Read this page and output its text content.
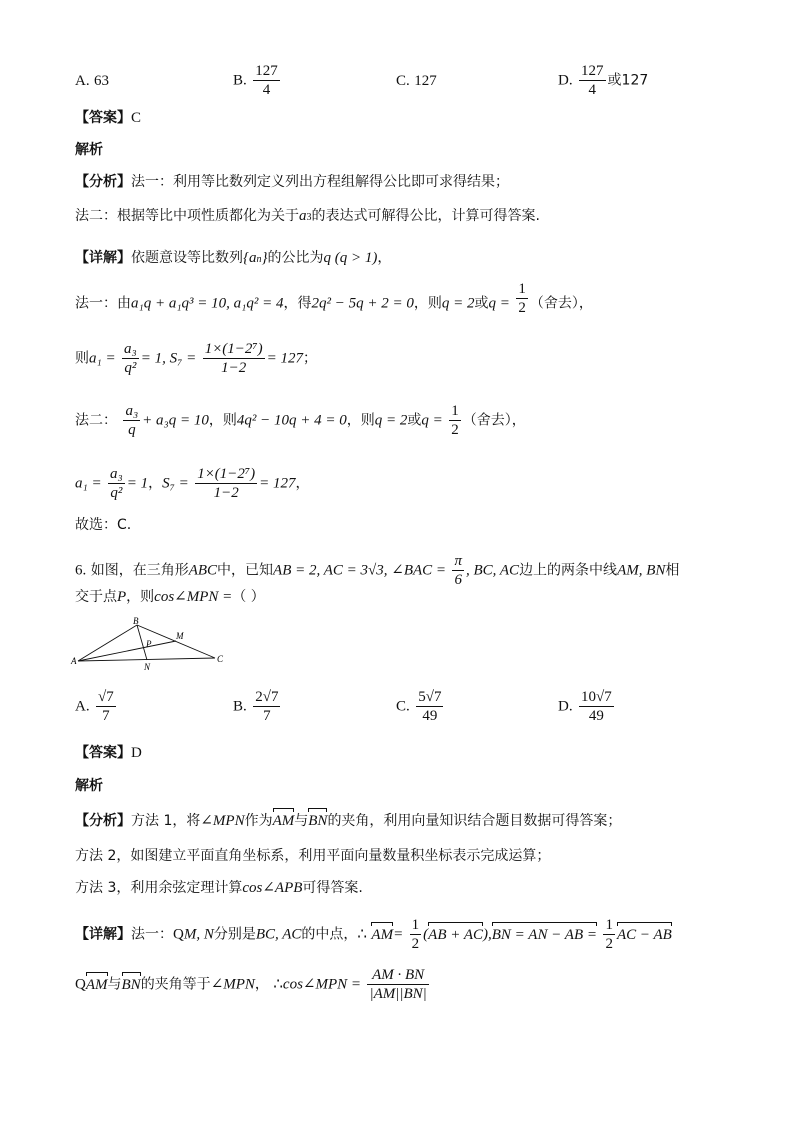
A. 63	B. $\frac{127}{4}$	C. 127	D. $\frac{127}{4}$ 或127
【答案】C
解析
【分析】法一：利用等比数列定义列出方程组解得公比即可求得结果；
法二：根据等比中项性质都化为关于a3的表达式可解得公比，计算可得答案.
【详解】依题意设等比数列{an}的公比为q (q > 1)，
法一：由a₁q + a₁q³ = 10, a₁q² = 4，得2q² − 5q + 2 = 0，则q = 2或$q = \frac{1}{2}$ （舍去），
则$a_1 = \frac{\text{a₃}}{\text{q²}} = 1$, $S_7 = \frac{\text{1×(1−2⁷)}}{1-2} = 127$；
法二： $\frac{\text{a₃}}{q} + a_3q = 10$，则4q² − 10q + 4 = 0，则q = 2或$q = \frac{1}{2}$ （舍去），
$a_1 = \frac{\text{a₃}}{\text{q²}} = 1$，$S_7 = \frac{\text{1×(1−2⁷)}}{1-2} = 127$，
故选：C.
6. 如图，在三角形ABC中，已知AB = 2, AC = 3√3, ∠BAC = $\frac{\pi}{6}$ , BC, AC边上的两条中线AM, BN相
交于点P，则cos∠MPN =（ ）
A
B
C
M
N
P
A. $\frac{√7}{7}$	B. $\frac{2√7}{7}$	C. $\frac{5√7}{49}$	D. $\frac{10√7}{49}$
【答案】D
解析
【分析】方法 1，将∠MPN作为AM与BN的夹角，利用向量知识结合题目数据可得答案；
方法 2，如图建立平面直角坐标系，利用平面向量数量积坐标表示完成运算；
方法 3，利用余弦定理计算cos∠APB可得答案.
【详解】法一：QM, N分别是BC, AC的中点，∴ $AM= \frac{1}{2} (AB + AC),BN$ = AN − AB = $\frac{1}{2}$ AC − AB
QAM与BN的夹角等于∠MPN， ∴cos∠MPN = $\frac{AM \cdot BN}{|AM||BN|}$
